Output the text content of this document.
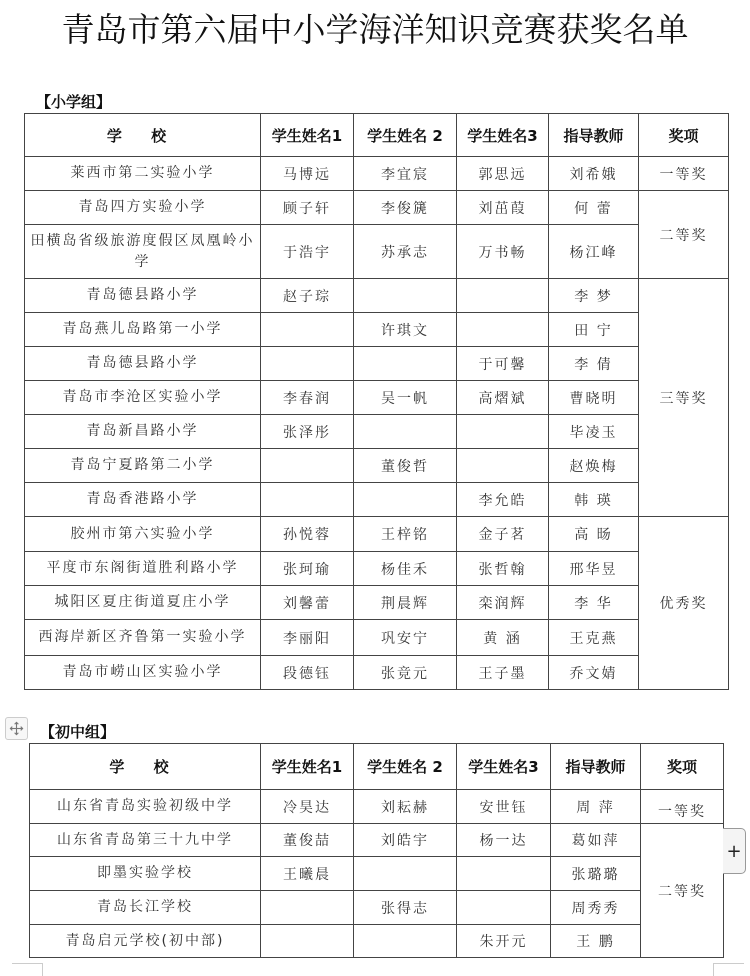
青岛市第六届中小学海洋知识竞赛获奖名单
【小学组】
学 校	学生姓名1	学生姓名 2	学生姓名3	指导教师	奖项
莱西市第二实验小学	马博远	李宜宸	郭思远	刘希娥	一等奖
青岛四方实验小学	顾子轩	李俊篪	刘茁葭	何 蕾	二等奖
田横岛省级旅游度假区凤凰岭小学	于浩宇	苏承志	万书畅	杨江峰	
青岛德县路小学	赵子琮			李 梦	三等奖
青岛燕儿岛路第一小学		许琪文		田 宁	
青岛德县路小学			于可馨	李 倩	
青岛市李沧区实验小学	李春润	吴一帆	高熠斌	曹晓明	
青岛新昌路小学	张泽彤			毕凌玉	
青岛宁夏路第二小学		董俊哲		赵焕梅	
青岛香港路小学			李允皓	韩 瑛	
胶州市第六实验小学	孙悦蓉	王梓铭	金子茗	高 旸	优秀奖
平度市东阁街道胜利路小学	张珂瑜	杨佳禾	张哲翰	邢华昱	
城阳区夏庄街道夏庄小学	刘馨蕾	荆晨辉	栾润辉	李 华	
西海岸新区齐鲁第一实验小学	李丽阳	巩安宁	黄 涵	王克燕	
青岛市崂山区实验小学	段德钰	张竞元	王子墨	乔文婧	
【初中组】
学 校	学生姓名1	学生姓名 2	学生姓名3	指导教师	奖项
山东省青岛实验初级中学	冷昊达	刘耘赫	安世钰	周 萍	一等奖
山东省青岛第三十九中学	董俊喆	刘皓宇	杨一达	葛如萍	二等奖
即墨实验学校	王曦晨			张璐璐	
青岛长江学校		张得志		周秀秀	
青岛启元学校(初中部)			朱开元	王 鹏	
+
